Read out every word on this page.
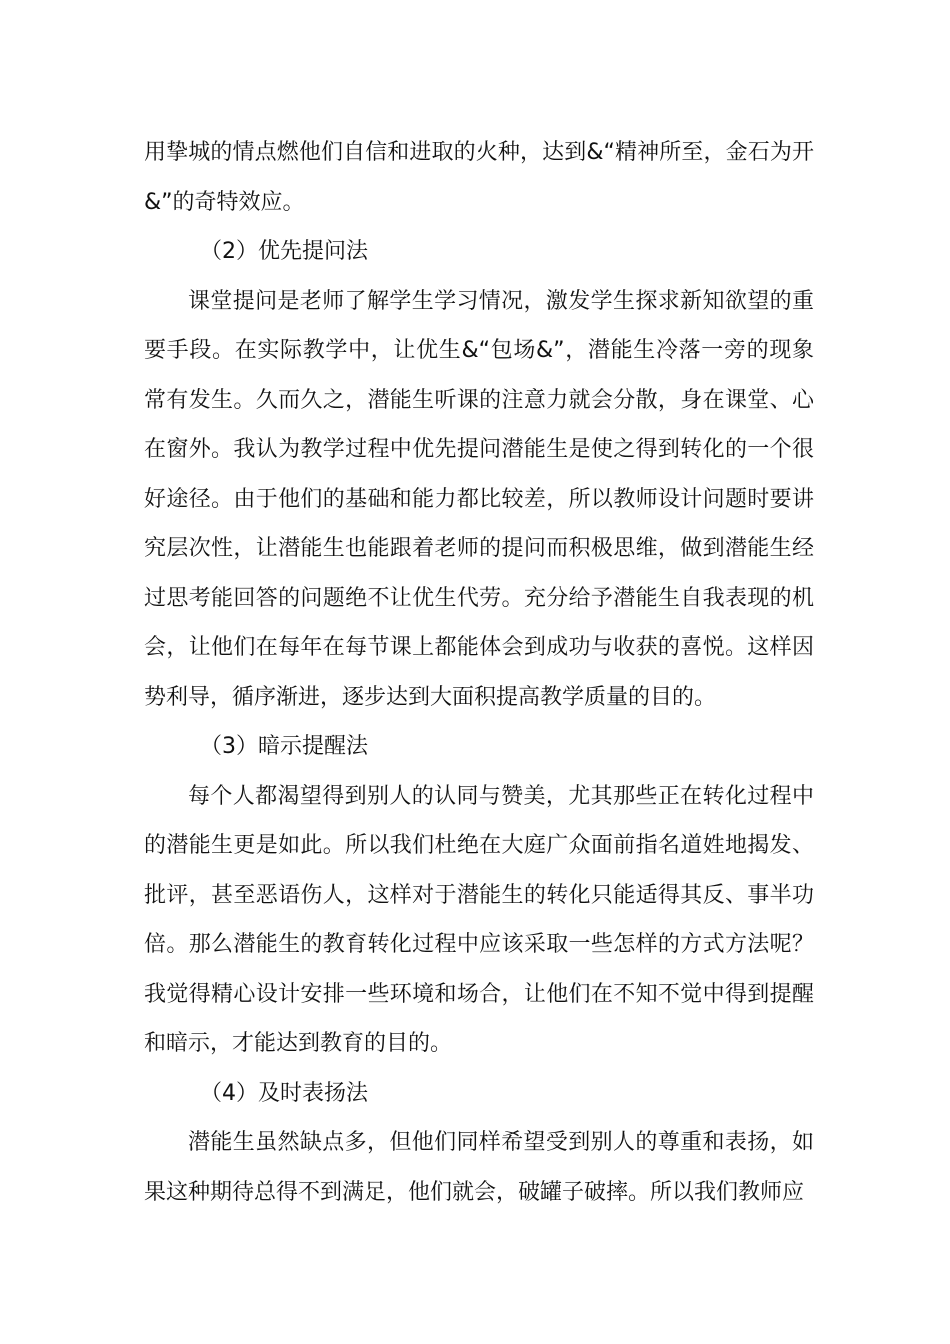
用挚城的情点燃他们自信和进取的火种，达到&“精神所至，金石为开&”的奇特效应。

（2）优先提问法

课堂提问是老师了解学生学习情况，激发学生探求新知欲望的重要手段。在实际教学中，让优生&“包场&”，潜能生冷落一旁的现象常有发生。久而久之，潜能生听课的注意力就会分散，身在课堂、心在窗外。我认为教学过程中优先提问潜能生是使之得到转化的一个很好途径。由于他们的基础和能力都比较差，所以教师设计问题时要讲究层次性，让潜能生也能跟着老师的提问而积极思维，做到潜能生经过思考能回答的问题绝不让优生代劳。充分给予潜能生自我表现的机会，让他们在每年在每节课上都能体会到成功与收获的喜悦。这样因势利导，循序渐进，逐步达到大面积提高教学质量的目的。

（3）暗示提醒法

每个人都渴望得到别人的认同与赞美，尤其那些正在转化过程中的潜能生更是如此。所以我们杜绝在大庭广众面前指名道姓地揭发、批评，甚至恶语伤人，这样对于潜能生的转化只能适得其反、事半功倍。那么潜能生的教育转化过程中应该采取一些怎样的方式方法呢？我觉得精心设计安排一些环境和场合，让他们在不知不觉中得到提醒和暗示，才能达到教育的目的。

（4）及时表扬法

潜能生虽然缺点多，但他们同样希望受到别人的尊重和表扬，如果这种期待总得不到满足，他们就会，破罐子破摔。所以我们教师应
